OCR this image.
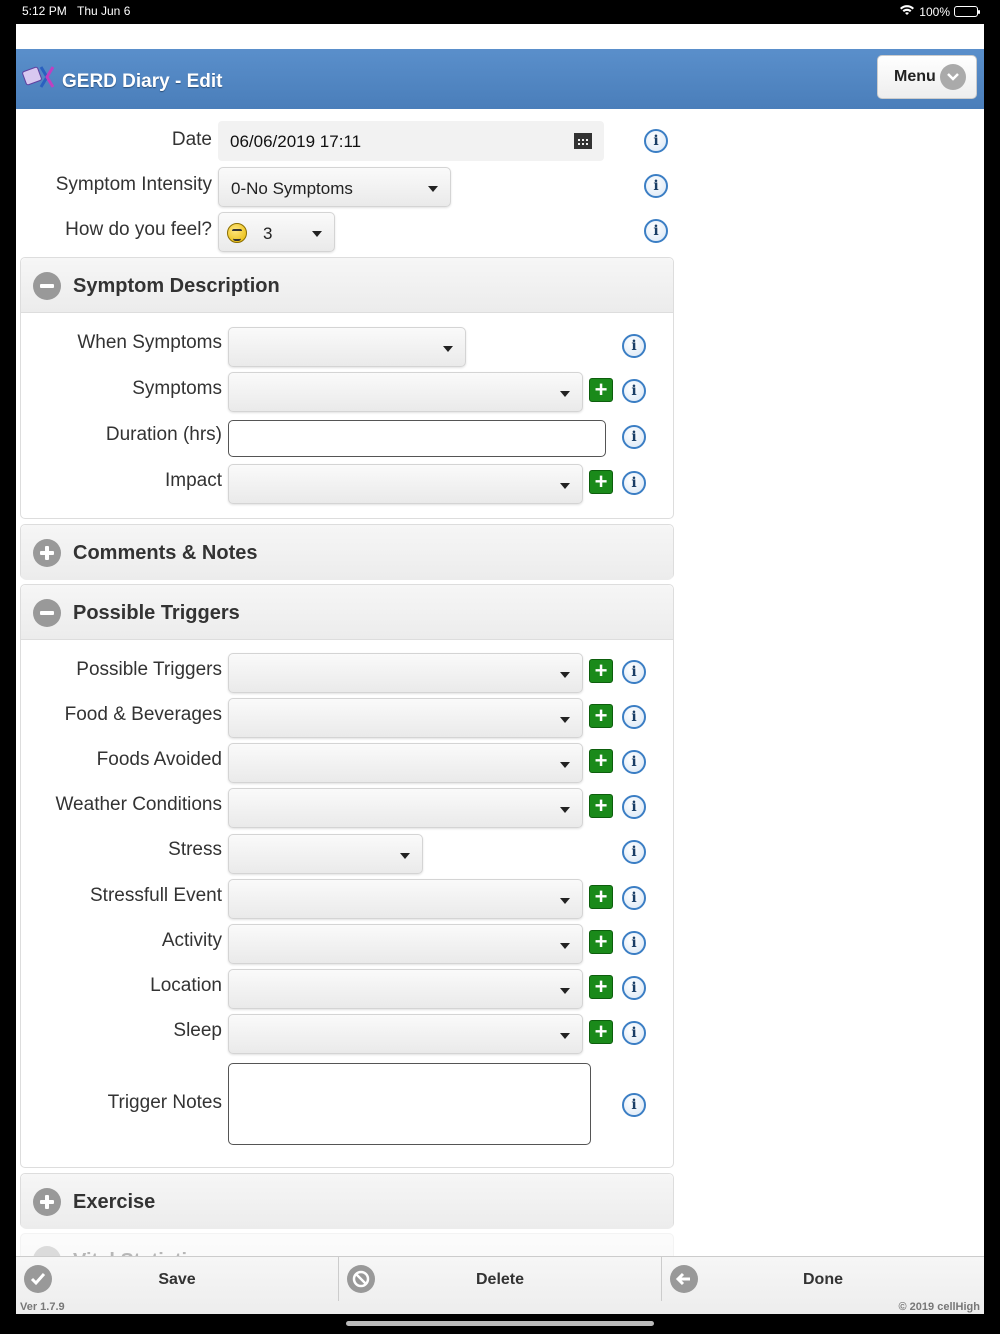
5:12 PM Thu Jun 6	100%
GERD Diary - Edit	Menu
Date 06/06/2019 17:11	i
Symptom Intensity 0-No Symptoms	i
How do you feel?	3	i
Symptom Description
When Symptoms	i
Symptoms	+	i
Duration (hrs)	i
Impact	+	i
Comments & Notes
Possible Triggers
Possible Triggers	+	i
Food & Beverages	+	i
Foods Avoided	+	i
Weather Conditions	+	i
Stress	i
Stressfull Event	+	i
Activity	+	i
Location	+	i
Sleep	+	i
Trigger Notes	i
Exercise
Save	Delete	Done
Ver 1.7.9	© 2019 cellHigh
